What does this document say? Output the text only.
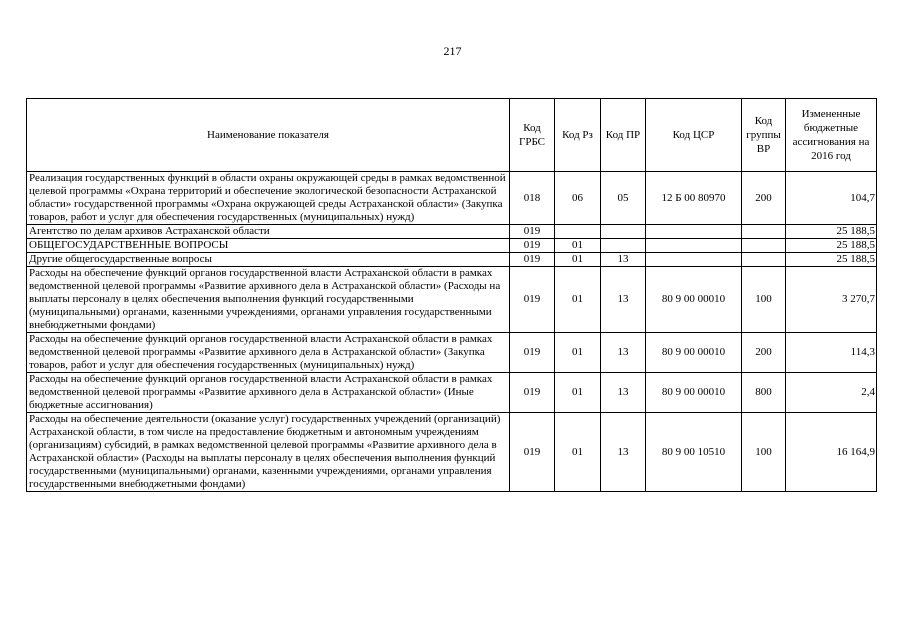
217
Наименование показателя	Код ГРБС	Код Рз	Код ПР	Код ЦСР	Код группы ВР	Измененные бюджетные ассигнования на 2016 год
Реализация государственных функций в области охраны окружающей среды в рамках ведомственной целевой программы «Охрана территорий и обеспечение экологической безопасности Астраханской области» государственной программы «Охрана окружающей среды Астраханской области» (Закупка товаров, работ и услуг для обеспечения государственных (муниципальных) нужд)	018	06	05	12 Б 00 80970	200	104,7
Агентство по делам архивов Астраханской области	019					25 188,5
ОБЩЕГОСУДАРСТВЕННЫЕ ВОПРОСЫ	019	01				25 188,5
Другие общегосударственные вопросы	019	01	13			25 188,5
Расходы на обеспечение функций органов государственной власти Астраханской области в рамках ведомственной целевой программы «Развитие архивного дела в Астраханской области» (Расходы на выплаты персоналу в целях обеспечения выполнения функций государственными (муниципальными) органами, казенными учреждениями, органами управления государственными внебюджетными фондами)	019	01	13	80 9 00 00010	100	3 270,7
Расходы на обеспечение функций органов государственной власти Астраханской области в рамках ведомственной целевой программы «Развитие архивного дела в Астраханской области» (Закупка товаров, работ и услуг для обеспечения государственных (муниципальных) нужд)	019	01	13	80 9 00 00010	200	114,3
Расходы на обеспечение функций органов государственной власти Астраханской области в рамках ведомственной целевой программы «Развитие архивного дела в Астраханской области» (Иные бюджетные ассигнования)	019	01	13	80 9 00 00010	800	2,4
Расходы на обеспечение деятельности (оказание услуг) государственных учреждений (организаций) Астраханской области, в том числе на предоставление бюджетным и автономным учреждениям (организациям) субсидий, в рамках ведомственной целевой программы «Развитие архивного дела в Астраханской области» (Расходы на выплаты персоналу в целях обеспечения выполнения функций государственными (муниципальными) органами, казенными учреждениями, органами управления государственными внебюджетными фондами)	019	01	13	80 9 00 10510	100	16 164,9
